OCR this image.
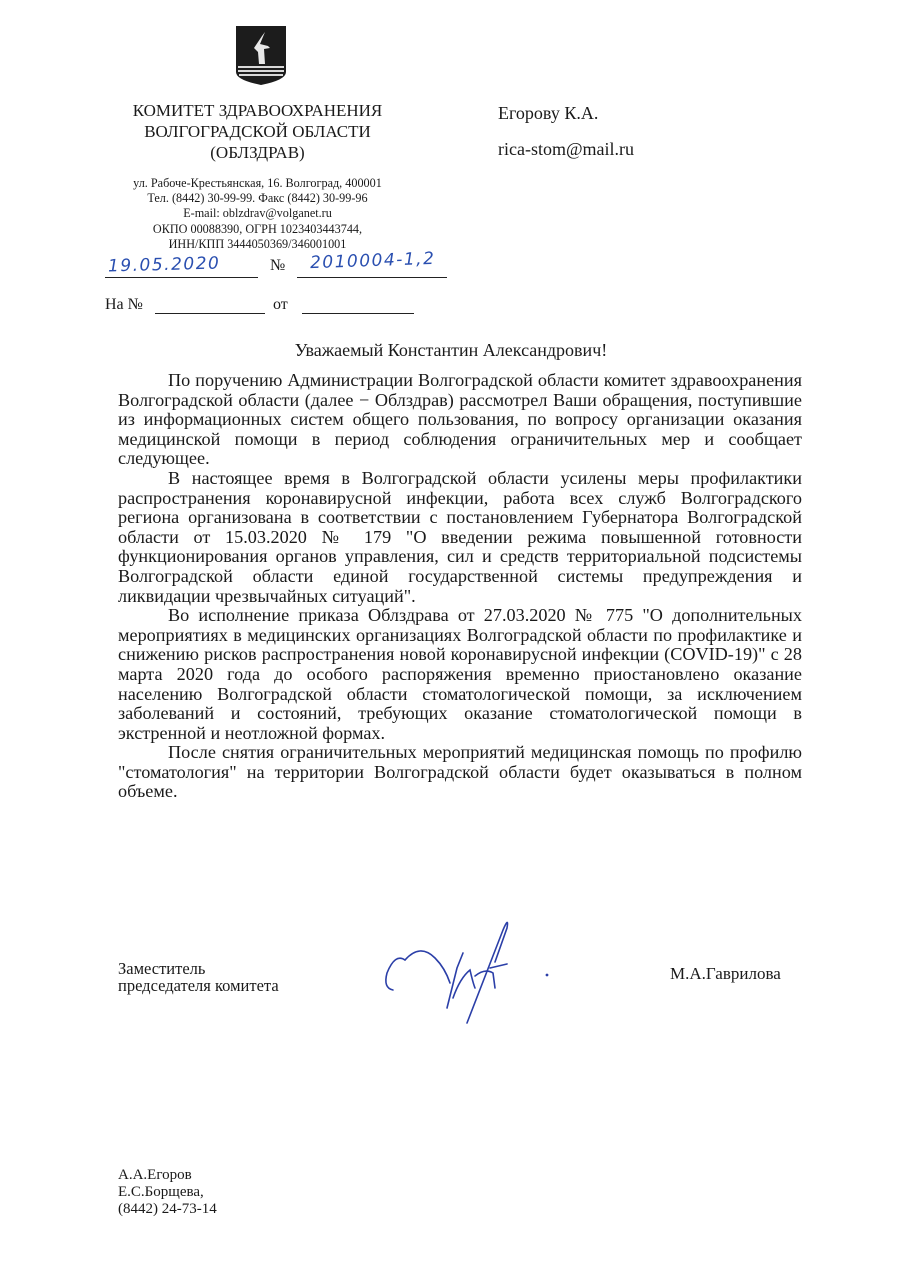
КОМИТЕТ ЗДРАВООХРАНЕНИЯ
ВОЛГОГРАДСКОЙ ОБЛАСТИ
(ОБЛЗДРАВ)
ул. Рабоче-Крестьянская, 16. Волгоград, 400001
Тел. (8442) 30-99-99. Факс (8442) 30-99-96
E-mail: oblzdrav@volganet.ru
ОКПО 00088390, ОГРН 1023403443744,
ИНН/КПП 3444050369/346001001
19.05.2020	№ 2010004-1,2
На №	от
Егорову К.А.
rica-stom@mail.ru
Уважаемый Константин Александрович!

По поручению Администрации Волгоградской области комитет здравоохранения Волгоградской области (далее − Облздрав) рассмотрел Ваши обращения, поступившие из информационных систем общего пользования, по вопросу организации оказания медицинской помощи в период соблюдения ограничительных мер и сообщает следующее.

В настоящее время в Волгоградской области усилены меры профилактики распространения коронавирусной инфекции, работа всех служб Волгоградского региона организована в соответствии с постановлением Губернатора Волгоградской области от 15.03.2020 № 179 "О введении режима повышенной готовности функционирования органов управления, сил и средств территориальной подсистемы Волгоградской области единой государственной системы предупреждения и ликвидации чрезвычайных ситуаций".

Во исполнение приказа Облздрава от 27.03.2020 № 775 "О дополнительных мероприятиях в медицинских организациях Волгоградской области по профилактике и снижению рисков распространения новой коронавирусной инфекции (COVID-19)" с 28 марта 2020 года до особого распоряжения временно приостановлено оказание населению Волгоградской области стоматологической помощи, за исключением заболеваний и состояний, требующих оказание стоматологической помощи в экстренной и неотложной формах.

После снятия ограничительных мероприятий медицинская помощь по профилю "стоматология" на территории Волгоградской области будет оказываться в полном объеме.

Заместитель
председателя комитета
М.А.Гаврилова
А.А.Егоров
Е.С.Борщева,
(8442) 24-73-14
